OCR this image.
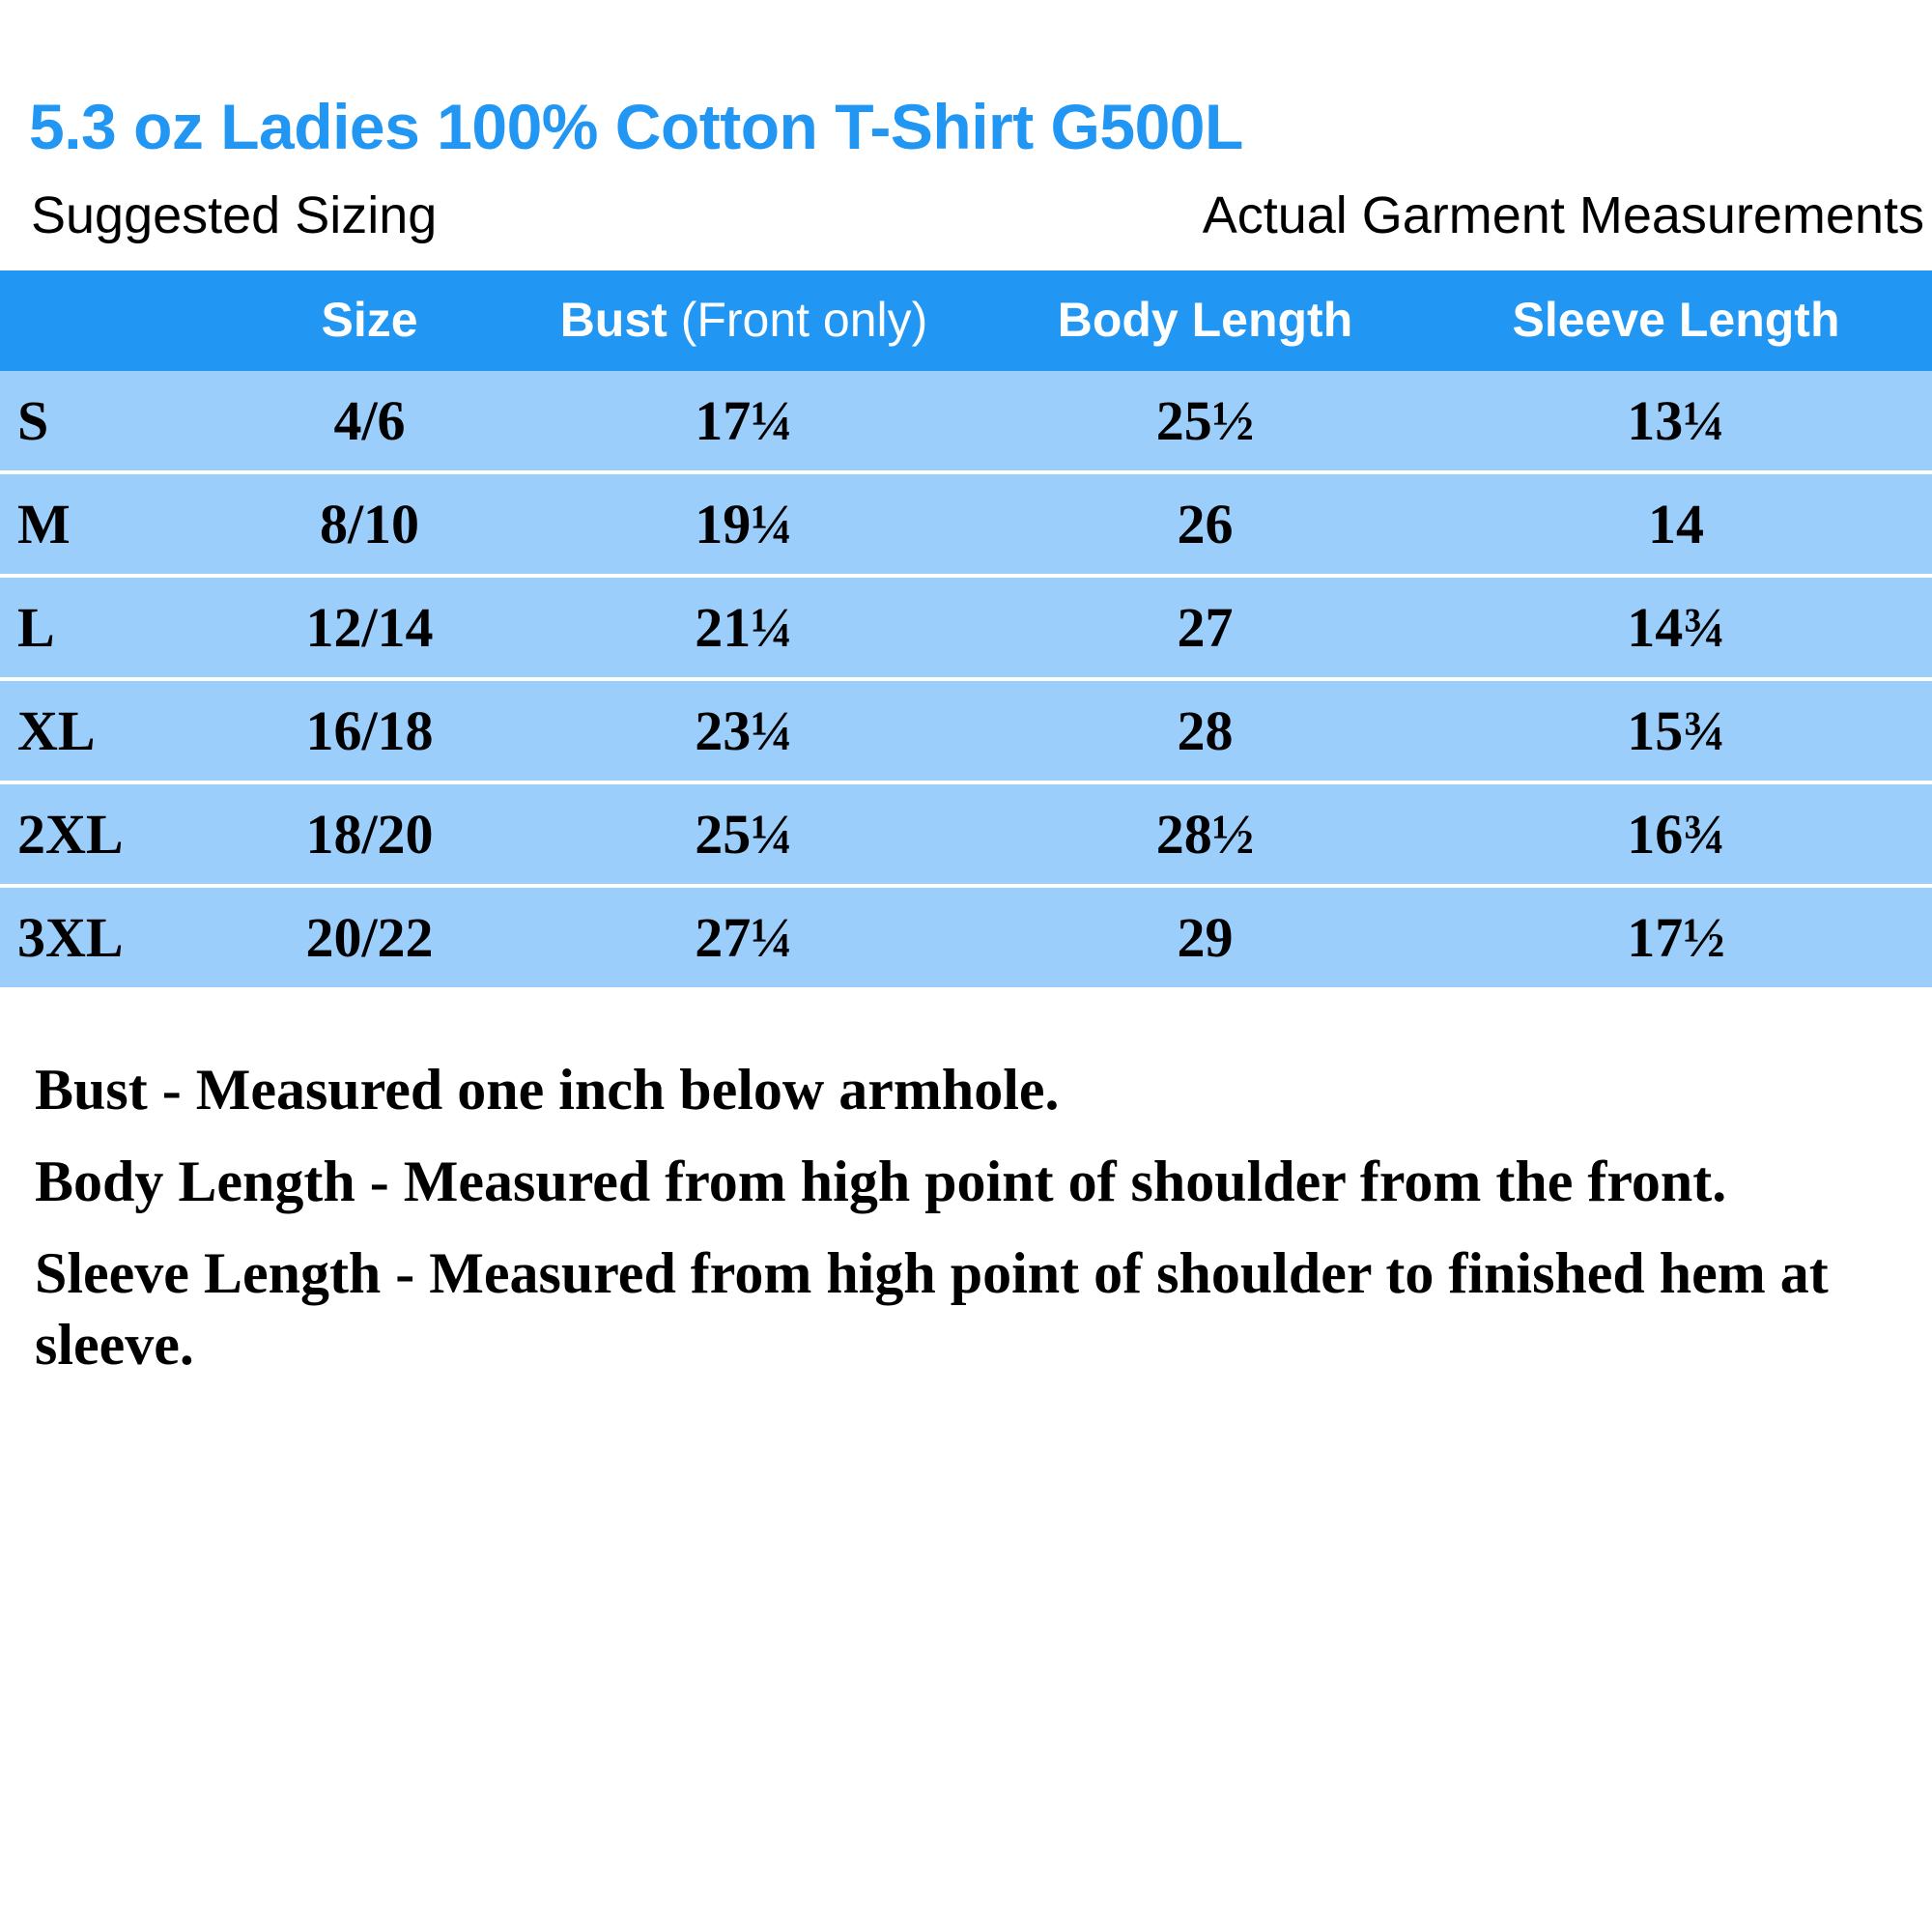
5.3 oz Ladies 100% Cotton T-Shirt G500L
Suggested Sizing	Actual Garment Measurements
	Size	Bust (Front only)	Body Length	Sleeve Length
S	4/6	17¼	25½	13¼
M	8/10	19¼	26	14
L	12/14	21¼	27	14¾
XL	16/18	23¼	28	15¾
2XL	18/20	25¼	28½	16¾
3XL	20/22	27¼	29	17½

Bust - Measured one inch below armhole.

Body Length - Measured from high point of shoulder from the front.

Sleeve Length - Measured from high point of shoulder to finished hem at sleeve.
